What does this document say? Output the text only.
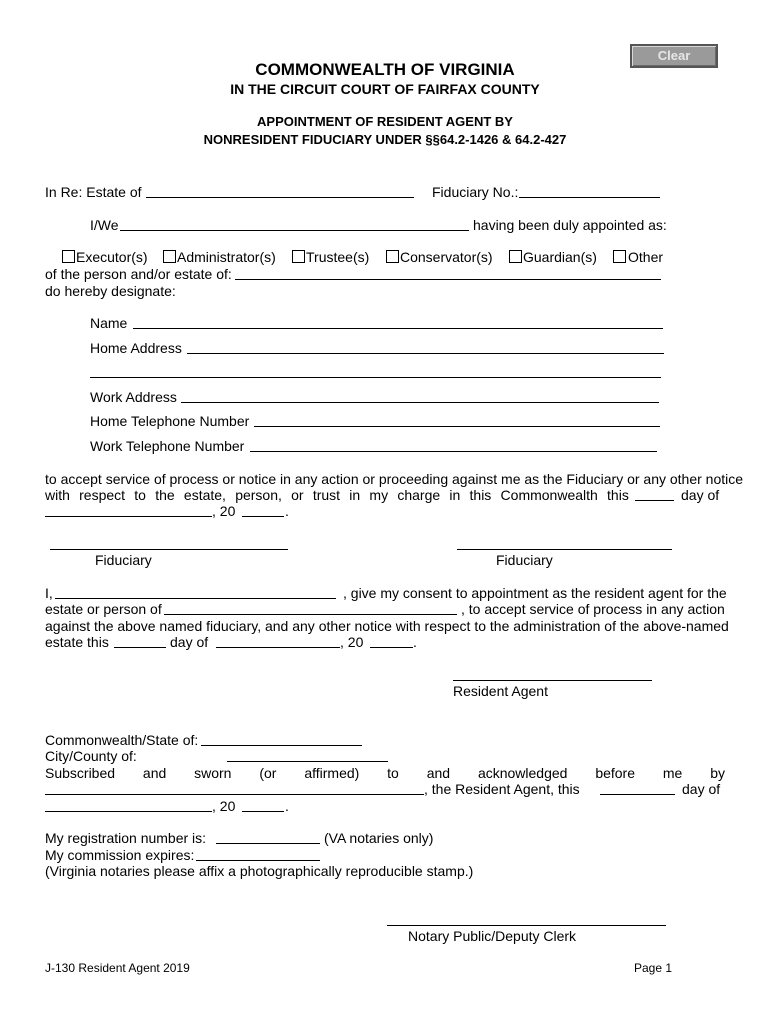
Clear
COMMONWEALTH OF VIRGINIA
IN THE CIRCUIT COURT OF FAIRFAX COUNTY
APPOINTMENT OF RESIDENT AGENT BY
NONRESIDENT FIDUCIARY UNDER §§64.2-1426 & 64.2-427
In Re: Estate of	Fiduciary No.:
I/We	having been duly appointed as:
Executor(s) Administrator(s) Trustee(s) Conservator(s) Guardian(s) Other
of the person and/or estate of:
do hereby designate:
Name
Home Address
Work Address
Home Telephone Number
Work Telephone Number
to accept service of process or notice in any action or proceeding against me as the Fiduciary or any other notice
with respect to the estate, person, or trust in my charge in this Commonwealth this	day of
, 20	.
Fiduciary	Fiduciary
I,	, give my consent to appointment as the resident agent for the
estate or person of	, to accept service of process in any action
against the above named fiduciary, and any other notice with respect to the administration of the above-named
estate this	day of	, 20	.
Resident Agent
Commonwealth/State of:
City/County of:
Subscribed and sworn (or affirmed) to and acknowledged before me by
, the Resident Agent, this	day of
, 20	.
My registration number is:	(VA notaries only)
My commission expires:
(Virginia notaries please affix a photographically reproducible stamp.)
Notary Public/Deputy Clerk
J-130 Resident Agent 2019	Page 1
